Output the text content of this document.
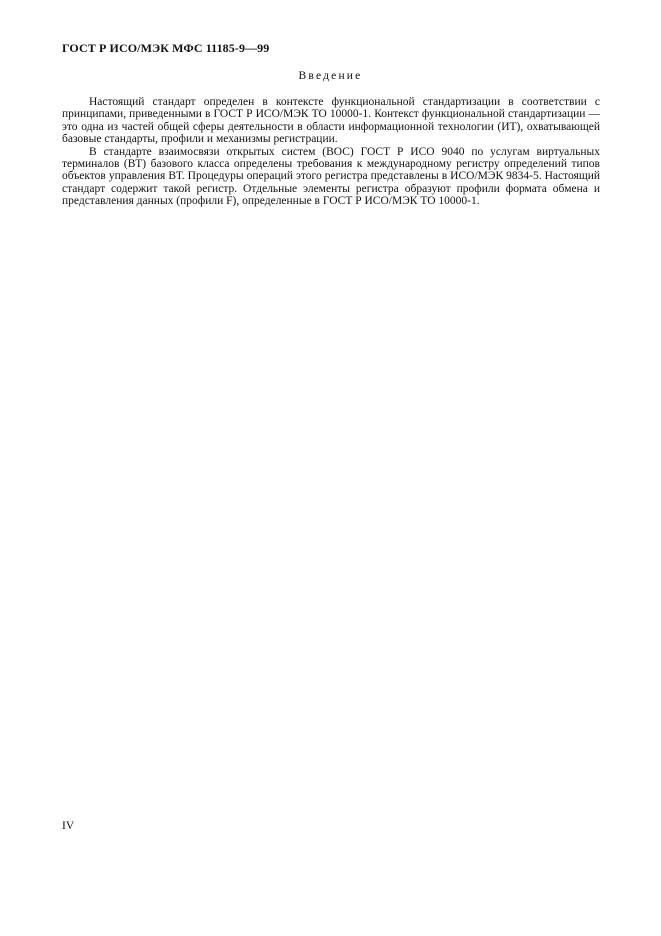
ГОСТ Р ИСО/МЭК МФС 11185-9—99
Введение

Настоящий стандарт определен в контексте функциональной стандартизации в соответствии с принципами, приведенными в ГОСТ Р ИСО/МЭК ТО 10000-1. Контекст функциональной стандартизации — это одна из частей общей сферы деятельности в области информационной технологии (ИТ), охватывающей базовые стандарты, профили и механизмы регистрации.

В стандарте взаимосвязи открытых систем (ВОС) ГОСТ Р ИСО 9040 по услугам виртуальных терминалов (ВТ) базового класса определены требования к международному регистру определений типов объектов управления ВТ. Процедуры операций этого регистра представлены в ИСО/МЭК 9834-5. Настоящий стандарт содержит такой регистр. Отдельные элементы регистра образуют профили формата обмена и представления данных (профили F), определенные в ГОСТ Р ИСО/МЭК ТО 10000-1.

IV
